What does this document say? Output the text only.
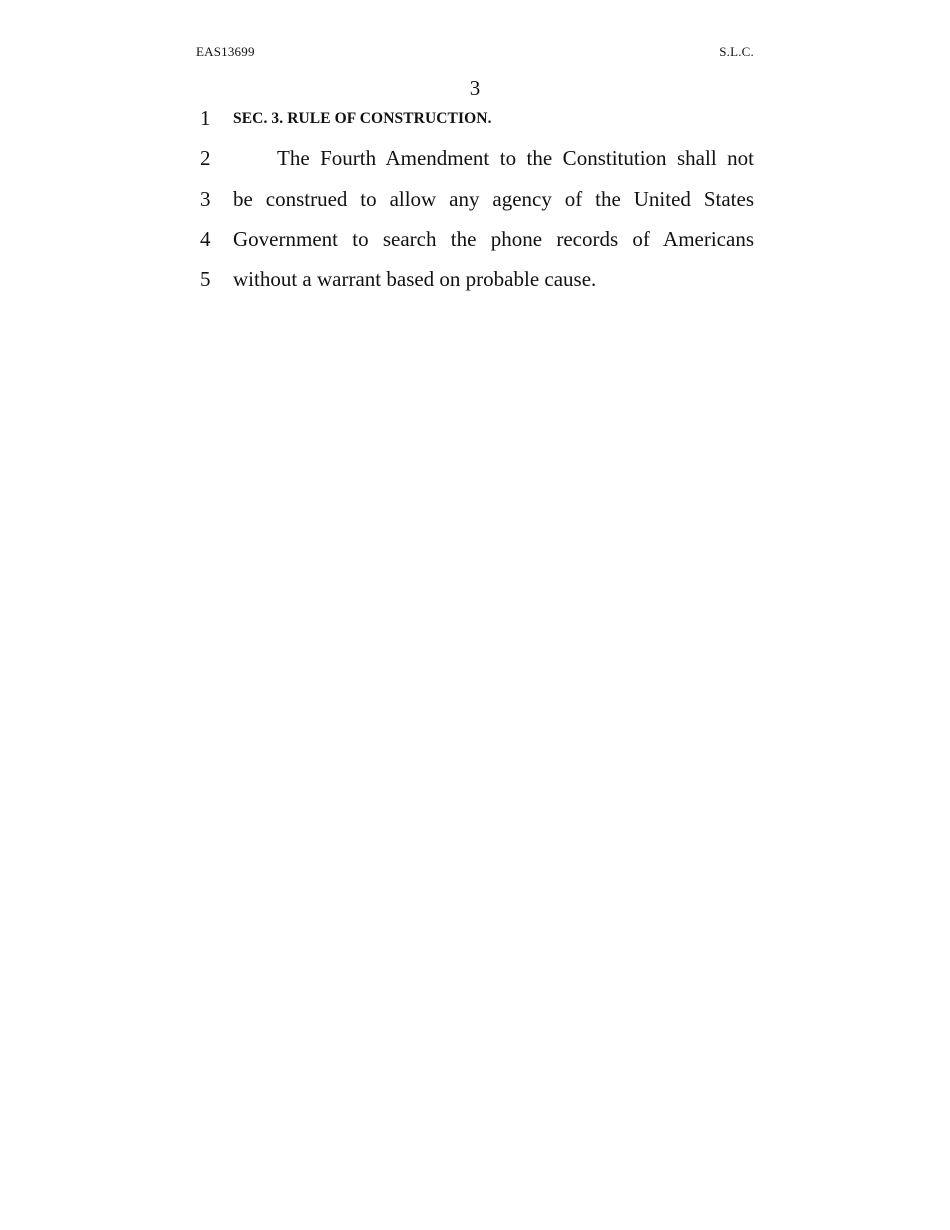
EAS13699	S.L.C.
3
1	SEC. 3. RULE OF CONSTRUCTION.
2	The Fourth Amendment to the Constitution shall not
3	be construed to allow any agency of the United States
4	Government to search the phone records of Americans
5	without a warrant based on probable cause.
